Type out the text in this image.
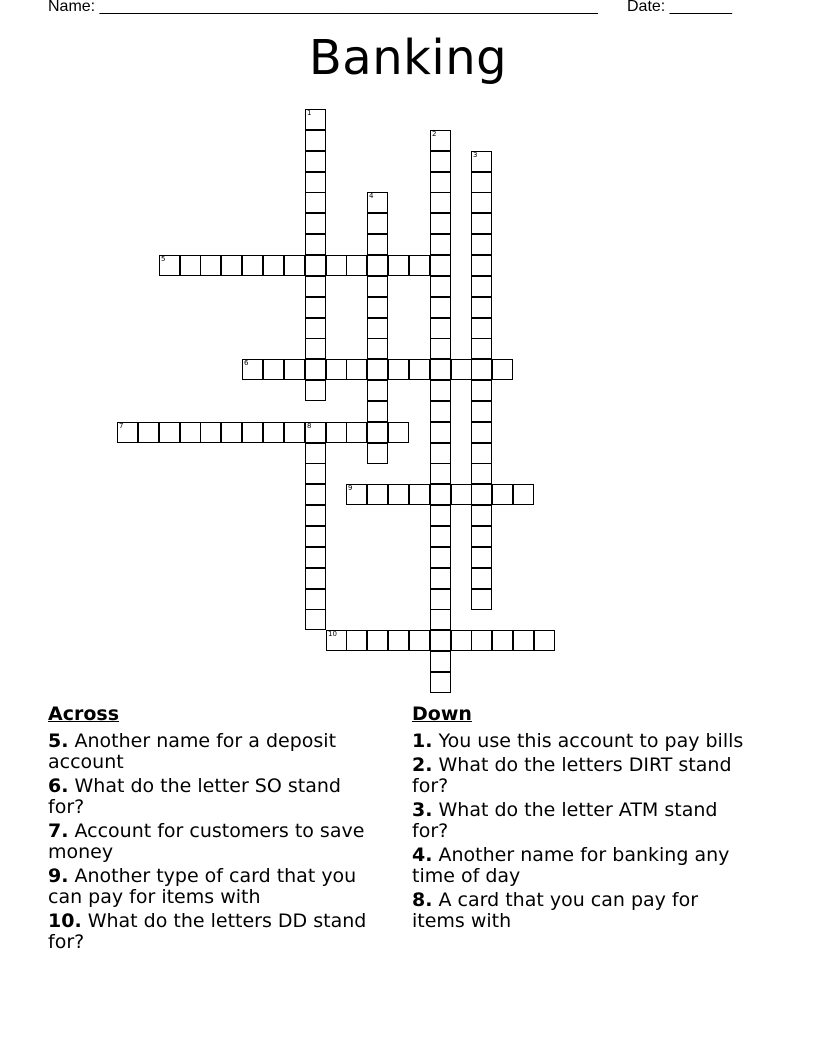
Name: ________________________________________________________ Date: _______
Banking
1
2
3
4
5
6
7	8
9
10
Across
5. Another name for a deposit account
6. What do the letter SO stand for?
7. Account for customers to save money
9. Another type of card that you can pay for items with
10. What do the letters DD stand for?
Down
1. You use this account to pay bills
2. What do the letters DIRT stand for?
3. What do the letter ATM stand for?
4. Another name for banking any time of day
8. A card that you can pay for items with
